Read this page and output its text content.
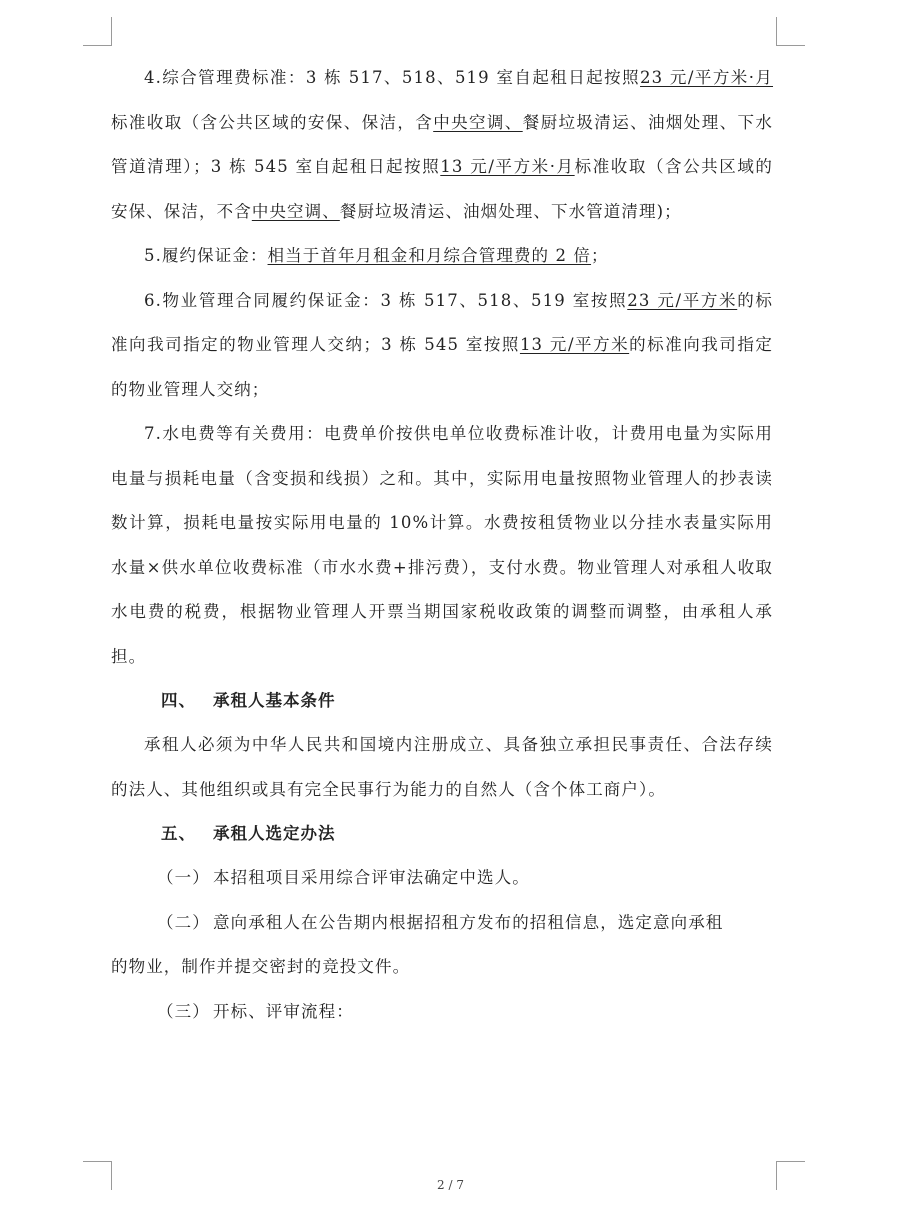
4.综合管理费标准：3 栋 517、518、519 室自起租日起按照23 元/平方米·月标准收取（含公共区域的安保、保洁，含中央空调、餐厨垃圾清运、油烟处理、下水管道清理）；3 栋 545 室自起租日起按照13 元/平方米·月标准收取（含公共区域的安保、保洁，不含中央空调、餐厨垃圾清运、油烟处理、下水管道清理)；

5.履约保证金：相当于首年月租金和月综合管理费的 2 倍；

6.物业管理合同履约保证金：3 栋 517、518、519 室按照23 元/平方米的标准向我司指定的物业管理人交纳；3 栋 545 室按照13 元/平方米的标准向我司指定的物业管理人交纳；

7.水电费等有关费用：电费单价按供电单位收费标准计收，计费用电量为实际用电量与损耗电量（含变损和线损）之和。其中，实际用电量按照物业管理人的抄表读数计算，损耗电量按实际用电量的 10%计算。水费按租赁物业以分挂水表量实际用水量×供水单位收费标准（市水水费+排污费），支付水费。物业管理人对承租人收取水电费的税费，根据物业管理人开票当期国家税收政策的调整而调整，由承租人承担。

四、 承租人基本条件

承租人必须为中华人民共和国境内注册成立、具备独立承担民事责任、合法存续的法人、其他组织或具有完全民事行为能力的自然人（含个体工商户）。

五、 承租人选定办法

（一） 本招租项目采用综合评审法确定中选人。

（二） 意向承租人在公告期内根据招租方发布的招租信息，选定意向承租

的物业，制作并提交密封的竞投文件。

（三） 开标、评审流程：

2 / 7
